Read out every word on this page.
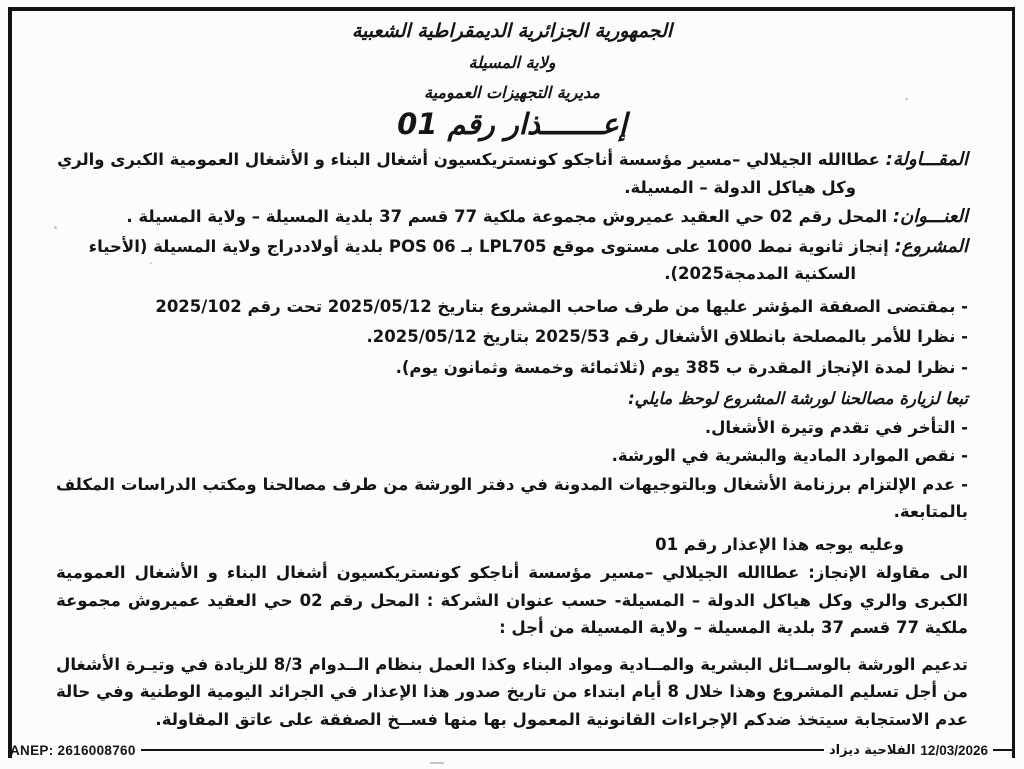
الجمهورية الجزائرية الديمقراطية الشعبية
ولاية المسيلة
مديرية التجهيزات العمومية
إعـــــــذار رقم 01

المقـــاولة: عطاالله الجيلالي –مسير مؤسسة أناجكو كونستريكسيون أشغال البناء و الأشغال العمومية الكبرى والري وكل هياكل الدولة – المسيلة.

العنـــوان: المحل رقم 02 حي العقيد عميروش مجموعة ملكية 77 قسم 37 بلدية المسيلة – ولاية المسيلة .

المشروع: إنجاز ثانوية نمط 1000 على مستوى موقع LPL705 بـ POS 06 بلدية أولاددراج ولاية المسيلة (الأحياء السكنية المدمجة2025).

- بمقتضى الصفقة المؤشر عليها من طرف صاحب المشروع بتاريخ 2025/05/12 تحت رقم 2025/102

- نظرا للأمر بالمصلحة بانطلاق الأشغال رقم 2025/53 بتاريخ 2025/05/12.

- نظرا لمدة الإنجاز المقدرة ب 385 يوم (ثلاثمائة وخمسة وثمانون يوم).

تبعا لزيارة مصالحنا لورشة المشروع لوحظ مايلي:

- التأخر في تقدم وتيرة الأشغال.

- نقص الموارد المادية والبشرية في الورشة.

- عدم الإلتزام برزنامة الأشغال وبالتوجيهات المدونة في دفتر الورشة من طرف مصالحنا ومكتب الدراسات المكلف بالمتابعة.

وعليه يوجه هذا الإعذار رقم 01

الى مقاولة الإنجاز: عطاالله الجيلالي –مسير مؤسسة أناجكو كونستريكسيون أشغال البناء و الأشغال العمومية الكبرى والري وكل هياكل الدولة – المسيلة- حسب عنوان الشركة : المحل رقم 02 حي العقيد عميروش مجموعة ملكية 77 قسم 37 بلدية المسيلة – ولاية المسيلة من أجل :

تدعيم الورشة بالوســائل البشرية والمــادية ومواد البناء وكذا العمل بنظام الــدوام 8/3 للزيادة في وتيـرة الأشغال من أجل تسليم المشروع وهذا خلال 8 أيام ابتداء من تاريخ صدور هذا الإعذار في الجرائد اليومية الوطنية وفي حالة عدم الاستجابة سيتخذ ضدكم الإجراءات القانونية المعمول بها منها فســخ الصفقة على عاتق المقاولة.

ANEP: 2616008760	الفلاحية ديزاد 12/03/2026
